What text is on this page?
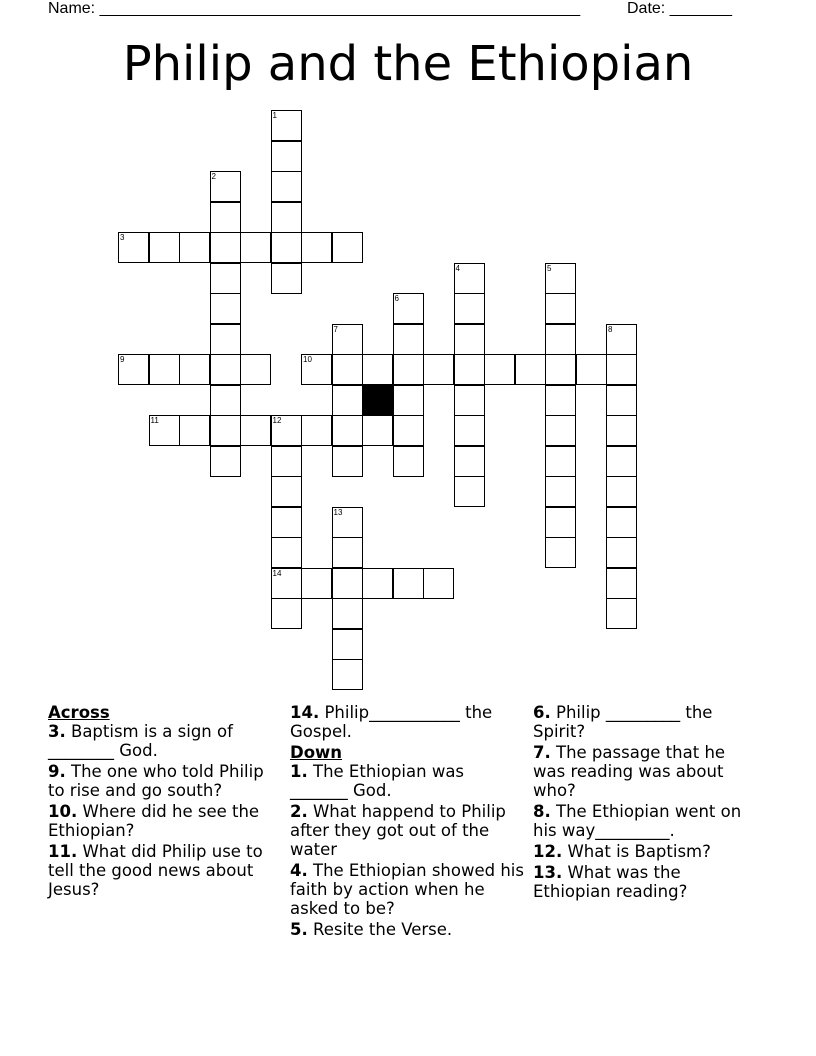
Name: ______________________________________________________	Date: _______
Philip and the Ethiopian
1
2
3
4	5
6
7	8
9	10
11	12
13
14
Across
3. Baptism is a sign of ________ God.
9. The one who told Philip to rise and go south?
10. Where did he see the Ethiopian?
11. What did Philip use to tell the good news about Jesus?
14. Philip___________ the Gospel.
Down
1. The Ethiopian was _______ God.
2. What happend to Philip after they got out of the water
4. The Ethiopian showed his faith by action when he asked to be?
5. Resite the Verse.
6. Philip _________ the Spirit?
7. The passage that he was reading was about who?
8. The Ethiopian went on his way_________.
12. What is Baptism?
13. What was the Ethiopian reading?
